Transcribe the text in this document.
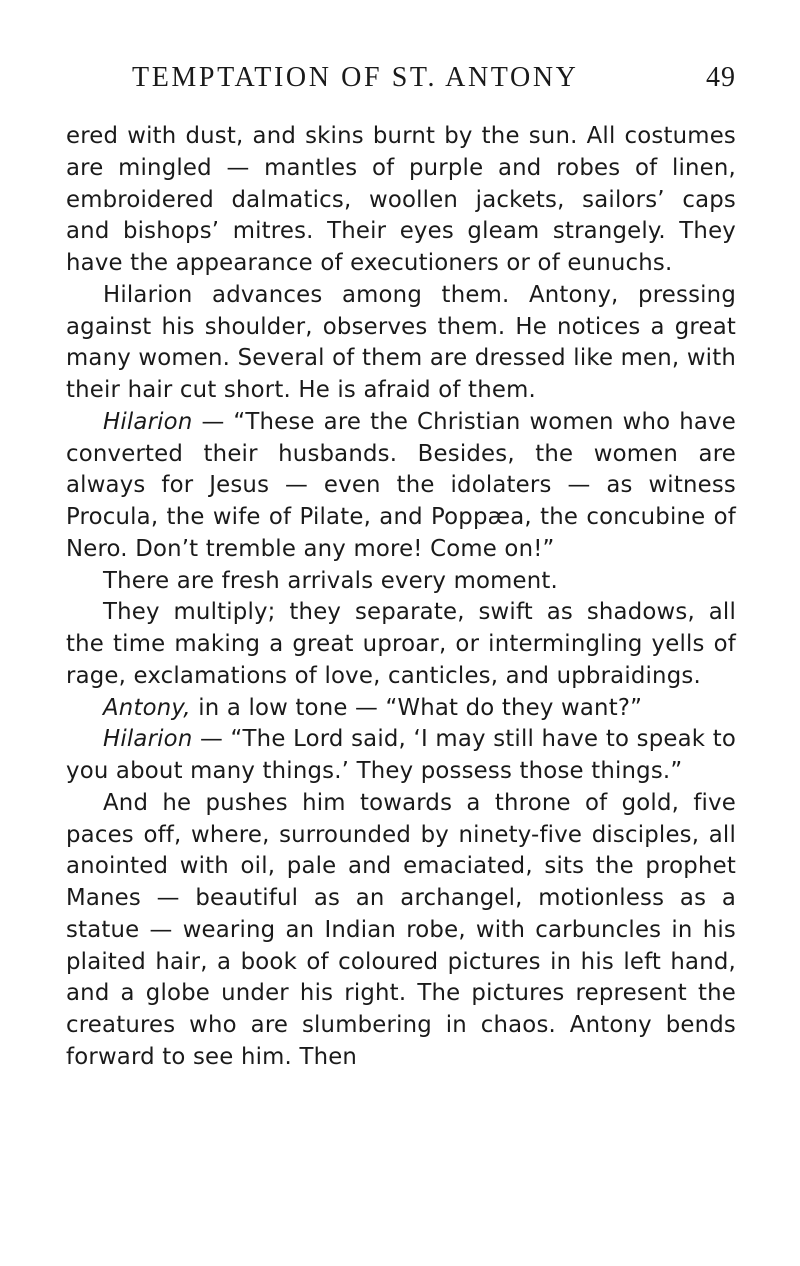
TEMPTATION OF ST. ANTONY	49

ered with dust, and skins burnt by the sun. All costumes are mingled — mantles of purple and robes of linen, embroidered dalmatics, woollen jackets, sailors’ caps and bishops’ mitres. Their eyes gleam strangely. They have the appearance of executioners or of eunuchs.

Hilarion advances among them. Antony, pressing against his shoulder, observes them. He notices a great many women. Several of them are dressed like men, with their hair cut short. He is afraid of them.

Hilarion — “These are the Christian women who have converted their husbands. Besides, the women are always for Jesus — even the idolaters — as witness Procula, the wife of Pilate, and Poppæa, the concubine of Nero. Don’t tremble any more! Come on!”

There are fresh arrivals every moment.

They multiply; they separate, swift as shadows, all the time making a great uproar, or intermingling yells of rage, exclamations of love, canticles, and upbraidings.

Antony, in a low tone — “What do they want?”

Hilarion — “The Lord said, ‘I may still have to speak to you about many things.’ They possess those things.”

And he pushes him towards a throne of gold, five paces off, where, surrounded by ninety-five disciples, all anointed with oil, pale and emaciated, sits the prophet Manes — beautiful as an archangel, motionless as a statue — wearing an Indian robe, with carbuncles in his plaited hair, a book of coloured pictures in his left hand, and a globe under his right. The pictures represent the creatures who are slumbering in chaos. Antony bends forward to see him. Then
